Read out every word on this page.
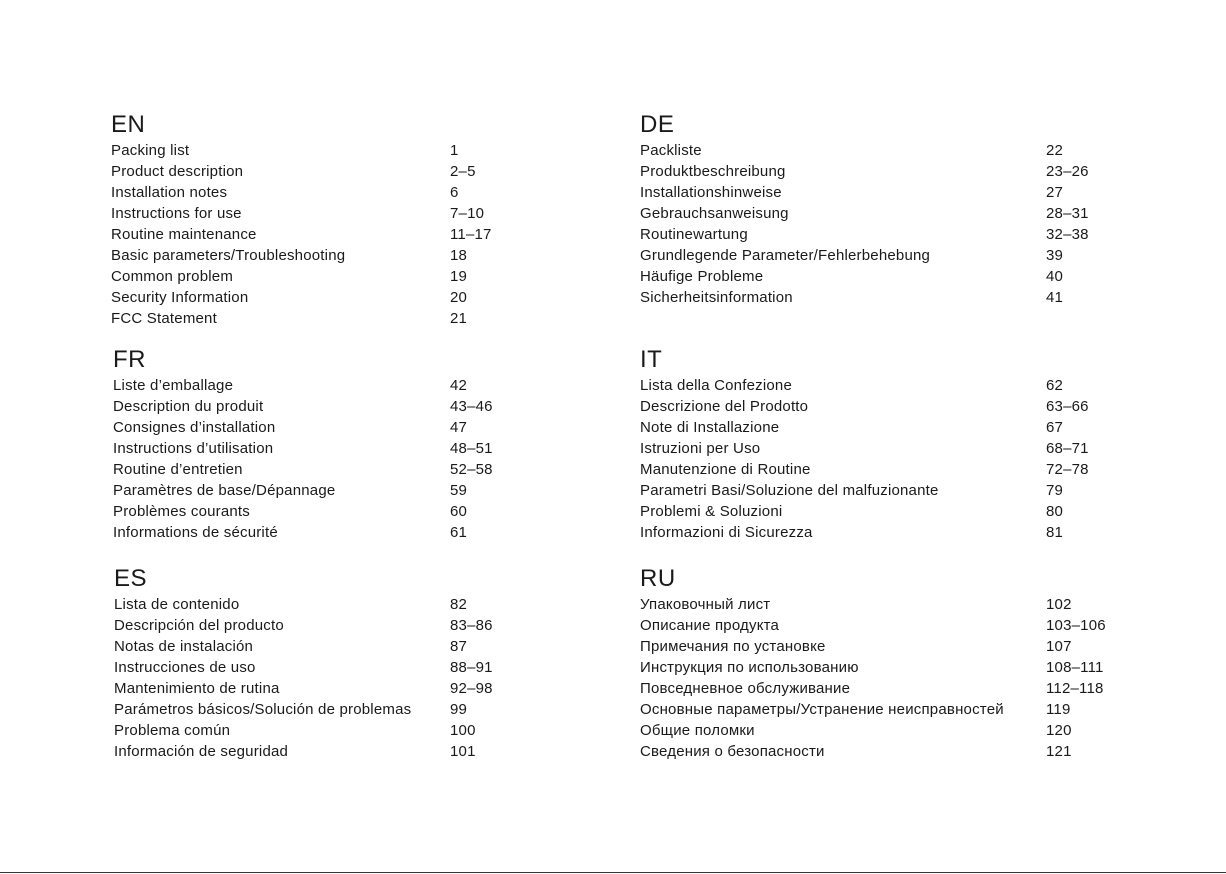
EN
Packing list	1
Product description	2–5
Installation notes	6
Instructions for use	7–10
Routine maintenance	11–17
Basic parameters/Troubleshooting	18
Common problem	19
Security Information	20
FCC Statement	21
DE
Packliste	22
Produktbeschreibung	23–26
Installationshinweise	27
Gebrauchsanweisung	28–31
Routinewartung	32–38
Grundlegende Parameter/Fehlerbehebung	39
Häufige Probleme	40
Sicherheitsinformation	41
FR
Liste d’emballage	42
Description du produit	43–46
Consignes d’installation	47
Instructions d’utilisation	48–51
Routine d’entretien	52–58
Paramètres de base/Dépannage	59
Problèmes courants	60
Informations de sécurité	61
IT
Lista della Confezione	62
Descrizione del Prodotto	63–66
Note di Installazione	67
Istruzioni per Uso	68–71
Manutenzione di Routine	72–78
Parametri Basi/Soluzione del malfuzionante	79
Problemi & Soluzioni	80
Informazioni di Sicurezza	81
ES
Lista de contenido	82
Descripción del producto	83–86
Notas de instalación	87
Instrucciones de uso	88–91
Mantenimiento de rutina	92–98
Parámetros básicos/Solución de problemas	99
Problema común	100
Información de seguridad	101
RU
Упаковочный лист	102
Описание продукта	103–106
Примечания по установке	107
Инструкция по использованию	108–111
Повседневное обслуживание	112–118
Основные параметры/Устранение неисправностей	119
Общие поломки	120
Сведения о безопасности	121
